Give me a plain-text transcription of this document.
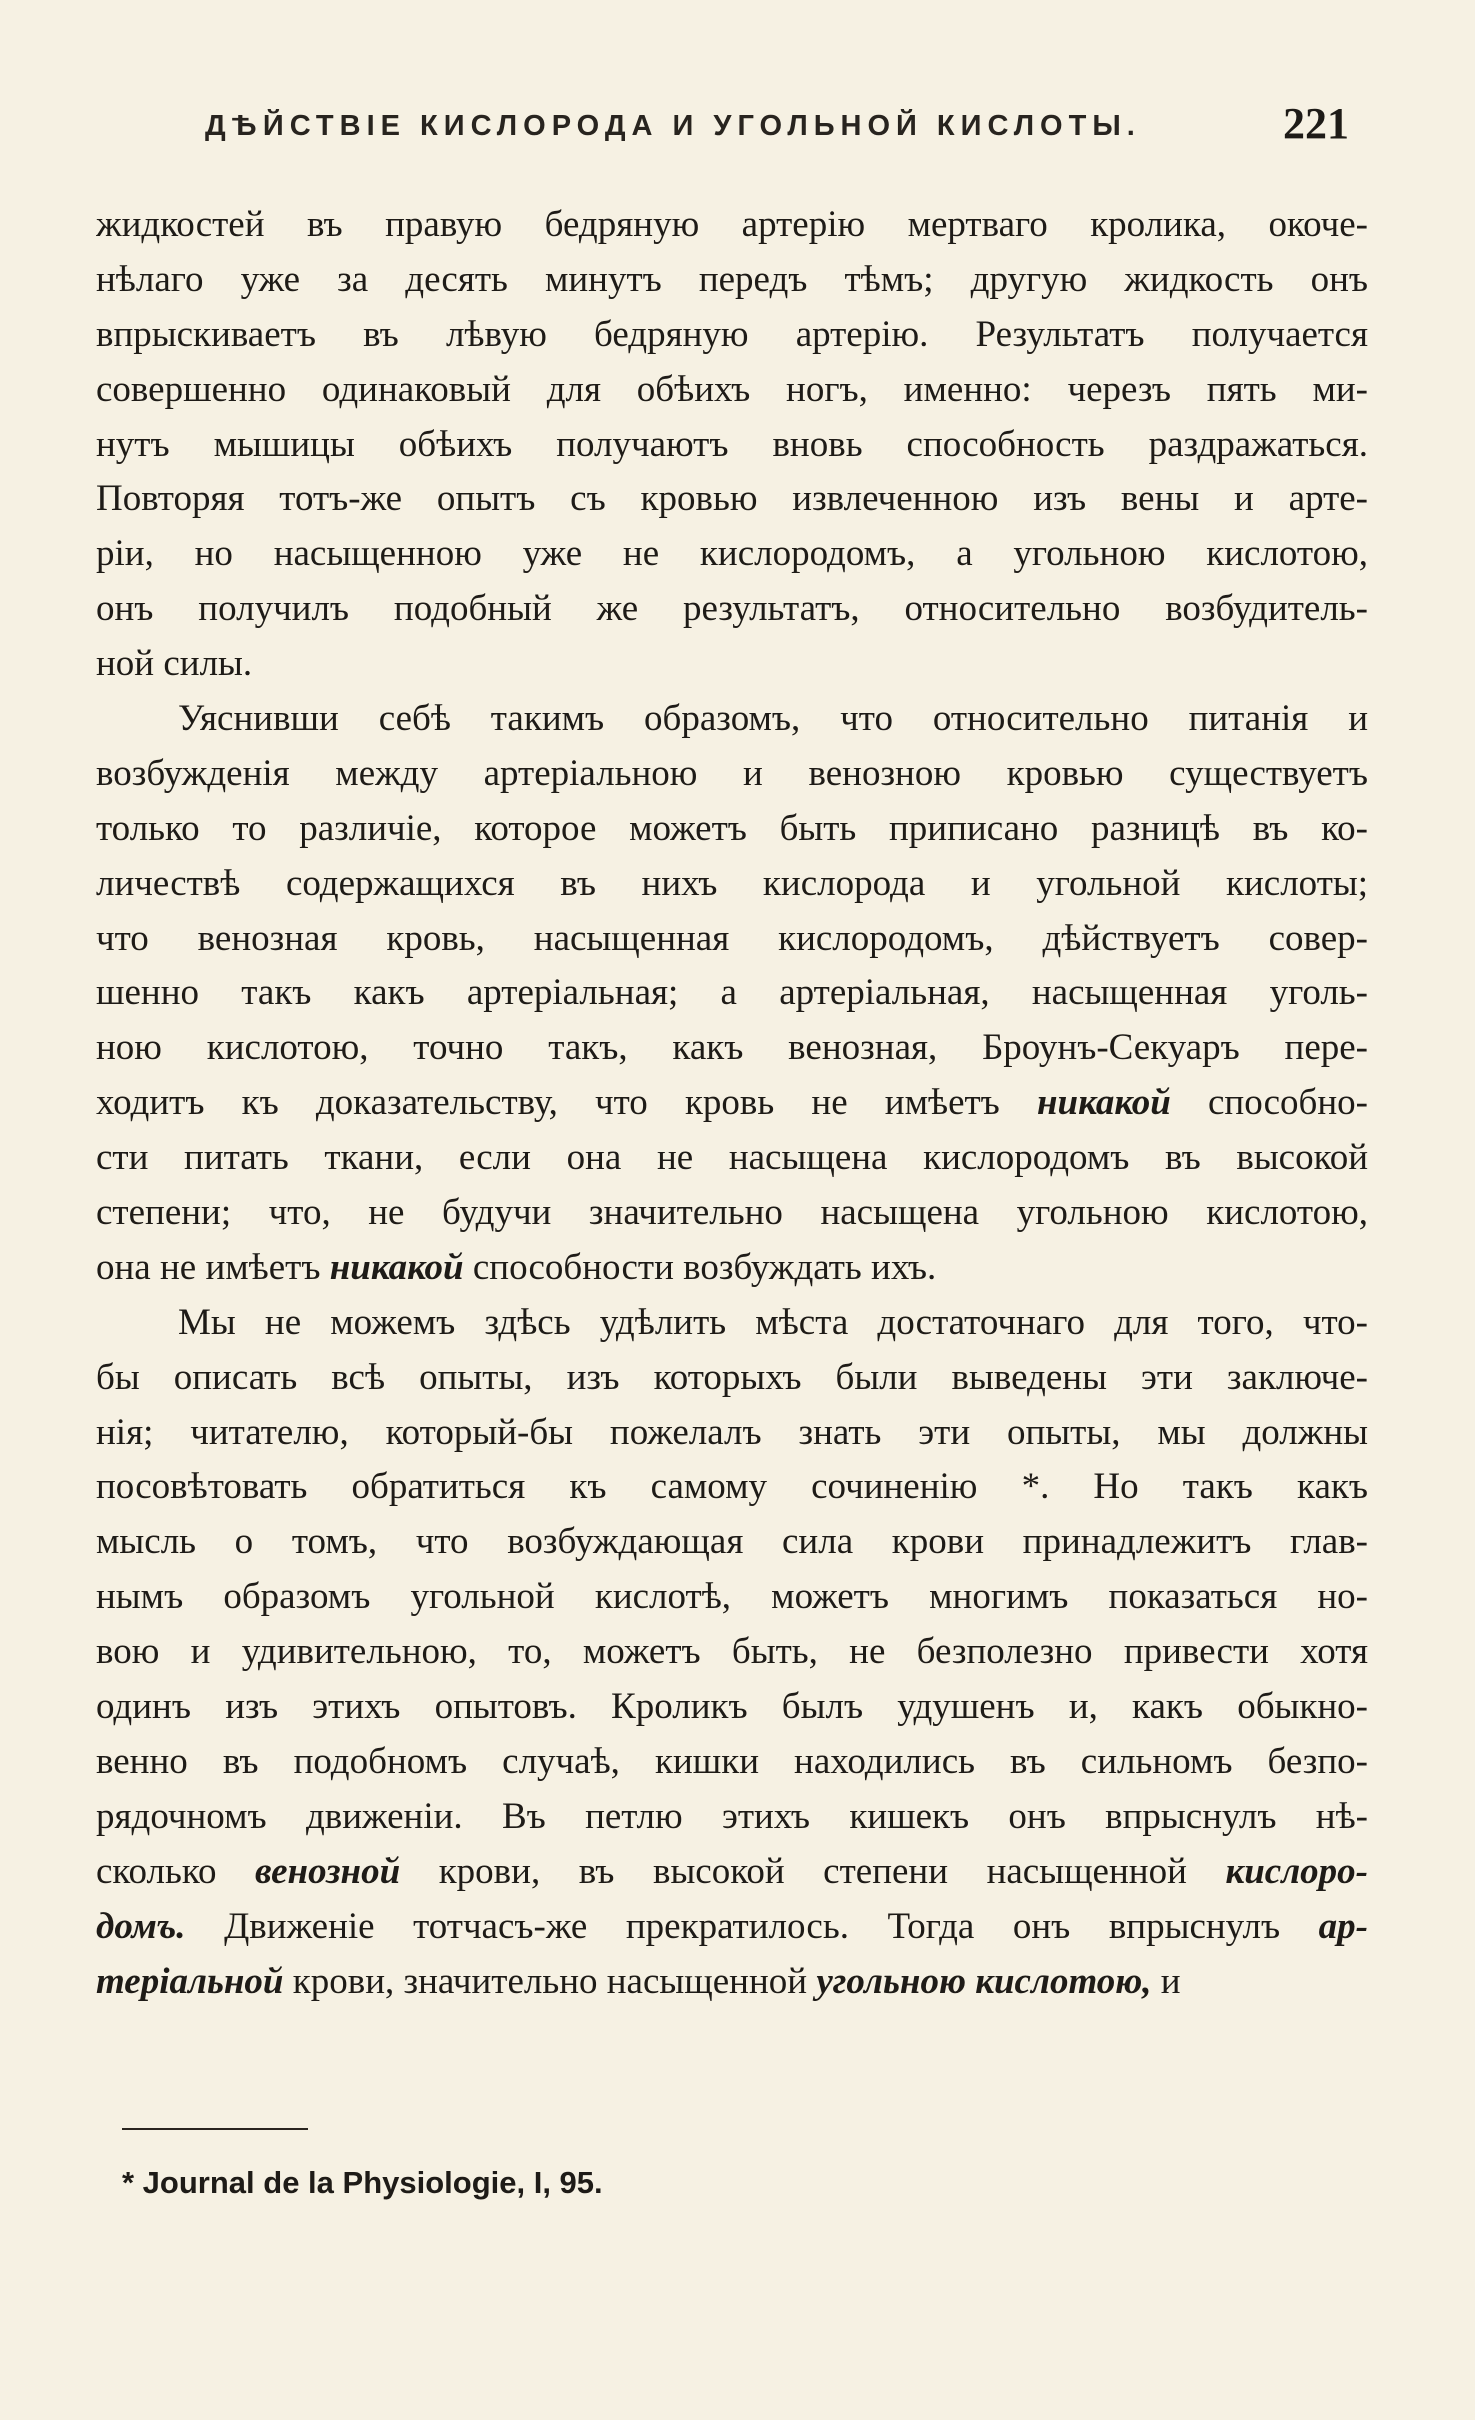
ДѢЙСТВІЕ КИСЛОРОДА И УГОЛЬНОЙ КИСЛОТЫ.	221
жидкостей въ правую бедряную артерію мертваго кролика, окоче-
нѣлаго уже за десять минутъ передъ тѣмъ; другую жидкость онъ
впрыскиваетъ въ лѣвую бедряную артерію. Результатъ получается
совершенно одинаковый для обѣихъ ногъ, именно: черезъ пять ми-
нутъ мышицы обѣихъ получаютъ вновь способность раздражаться.
Повторяя тотъ-же опытъ съ кровью извлеченною изъ вены и арте-
ріи, но насыщенною уже не кислородомъ, а угольною кислотою,
онъ получилъ подобный же результатъ, относительно возбудитель-
ной силы.
Уяснивши себѣ такимъ образомъ, что относительно питанія и
возбужденія между артеріальною и венозною кровью существуетъ
только то различіе, которое можетъ быть приписано разницѣ въ ко-
личествѣ содержащихся въ нихъ кислорода и угольной кислоты;
что венозная кровь, насыщенная кислородомъ, дѣйствуетъ совер-
шенно такъ какъ артеріальная; а артеріальная, насыщенная уголь-
ною кислотою, точно такъ, какъ венозная, Броунъ-Секуаръ пере-
ходитъ къ доказательству, что кровь не имѣетъ никакой способно-
сти питать ткани, если она не насыщена кислородомъ въ высокой
степени; что, не будучи значительно насыщена угольною кислотою,
она не имѣетъ никакой способности возбуждать ихъ.
Мы не можемъ здѣсь удѣлить мѣста достаточнаго для того, что-
бы описать всѣ опыты, изъ которыхъ были выведены эти заключе-
нія; читателю, который-бы пожелалъ знать эти опыты, мы должны
посовѣтовать обратиться къ самому сочиненію *. Но такъ какъ
мысль о томъ, что возбуждающая сила крови принадлежитъ глав-
нымъ образомъ угольной кислотѣ, можетъ многимъ показаться но-
вою и удивительною, то, можетъ быть, не безполезно привести хотя
одинъ изъ этихъ опытовъ. Кроликъ былъ удушенъ и, какъ обыкно-
венно въ подобномъ случаѣ, кишки находились въ сильномъ безпо-
рядочномъ движеніи. Въ петлю этихъ кишекъ онъ впрыснулъ нѣ-
сколько венозной крови, въ высокой степени насыщенной кислоро-
домъ. Движеніе тотчасъ-же прекратилось. Тогда онъ впрыснулъ ар-
теріальной крови, значительно насыщенной угольною кислотою, и
* Journal de la Physiologie, I, 95.
